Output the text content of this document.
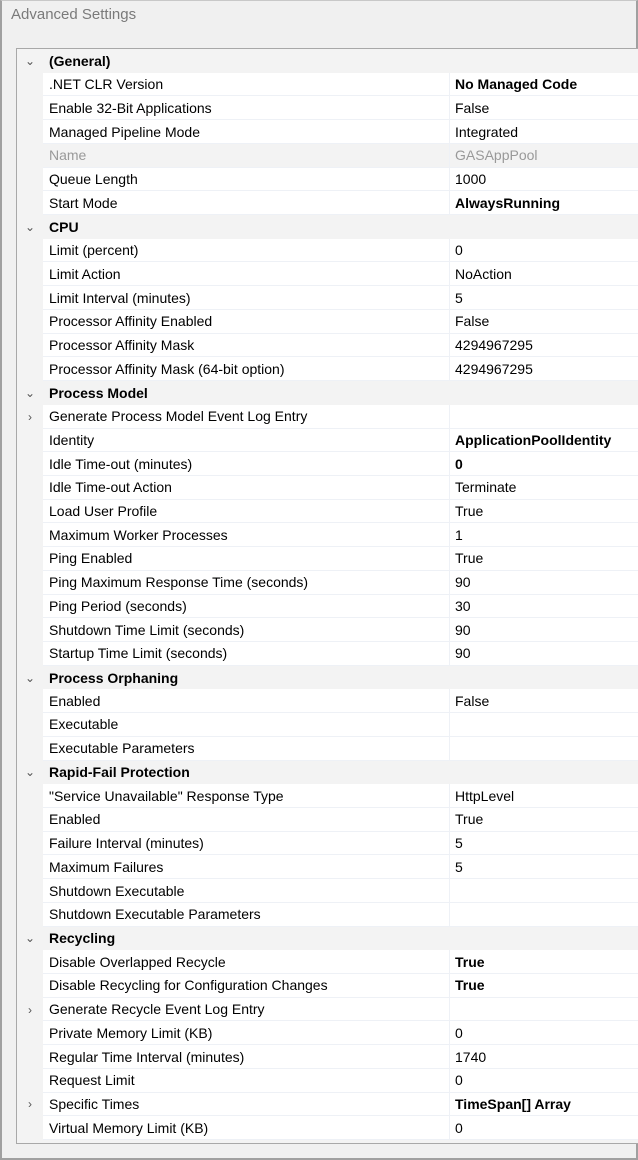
Advanced Settings
⌄ (General)
.NET CLR Version	No Managed Code
Enable 32-Bit Applications	False
Managed Pipeline Mode	Integrated
Name	GASAppPool
Queue Length	1000
Start Mode	AlwaysRunning
⌄ CPU
Limit (percent)	0
Limit Action	NoAction
Limit Interval (minutes)	5
Processor Affinity Enabled	False
Processor Affinity Mask	4294967295
Processor Affinity Mask (64-bit option)	4294967295
⌄ Process Model
›	Generate Process Model Event Log Entry
Identity	ApplicationPoolIdentity
Idle Time-out (minutes)	0
Idle Time-out Action	Terminate
Load User Profile	True
Maximum Worker Processes	1
Ping Enabled	True
Ping Maximum Response Time (seconds)	90
Ping Period (seconds)	30
Shutdown Time Limit (seconds)	90
Startup Time Limit (seconds)	90
⌄ Process Orphaning
Enabled	False
Executable
Executable Parameters
⌄ Rapid-Fail Protection
"Service Unavailable" Response Type	HttpLevel
Enabled	True
Failure Interval (minutes)	5
Maximum Failures	5
Shutdown Executable
Shutdown Executable Parameters
⌄ Recycling
Disable Overlapped Recycle	True
Disable Recycling for Configuration Changes	True
›	Generate Recycle Event Log Entry
Private Memory Limit (KB)	0
Regular Time Interval (minutes)	1740
Request Limit	0
›	Specific Times	TimeSpan[] Array
Virtual Memory Limit (KB)	0
